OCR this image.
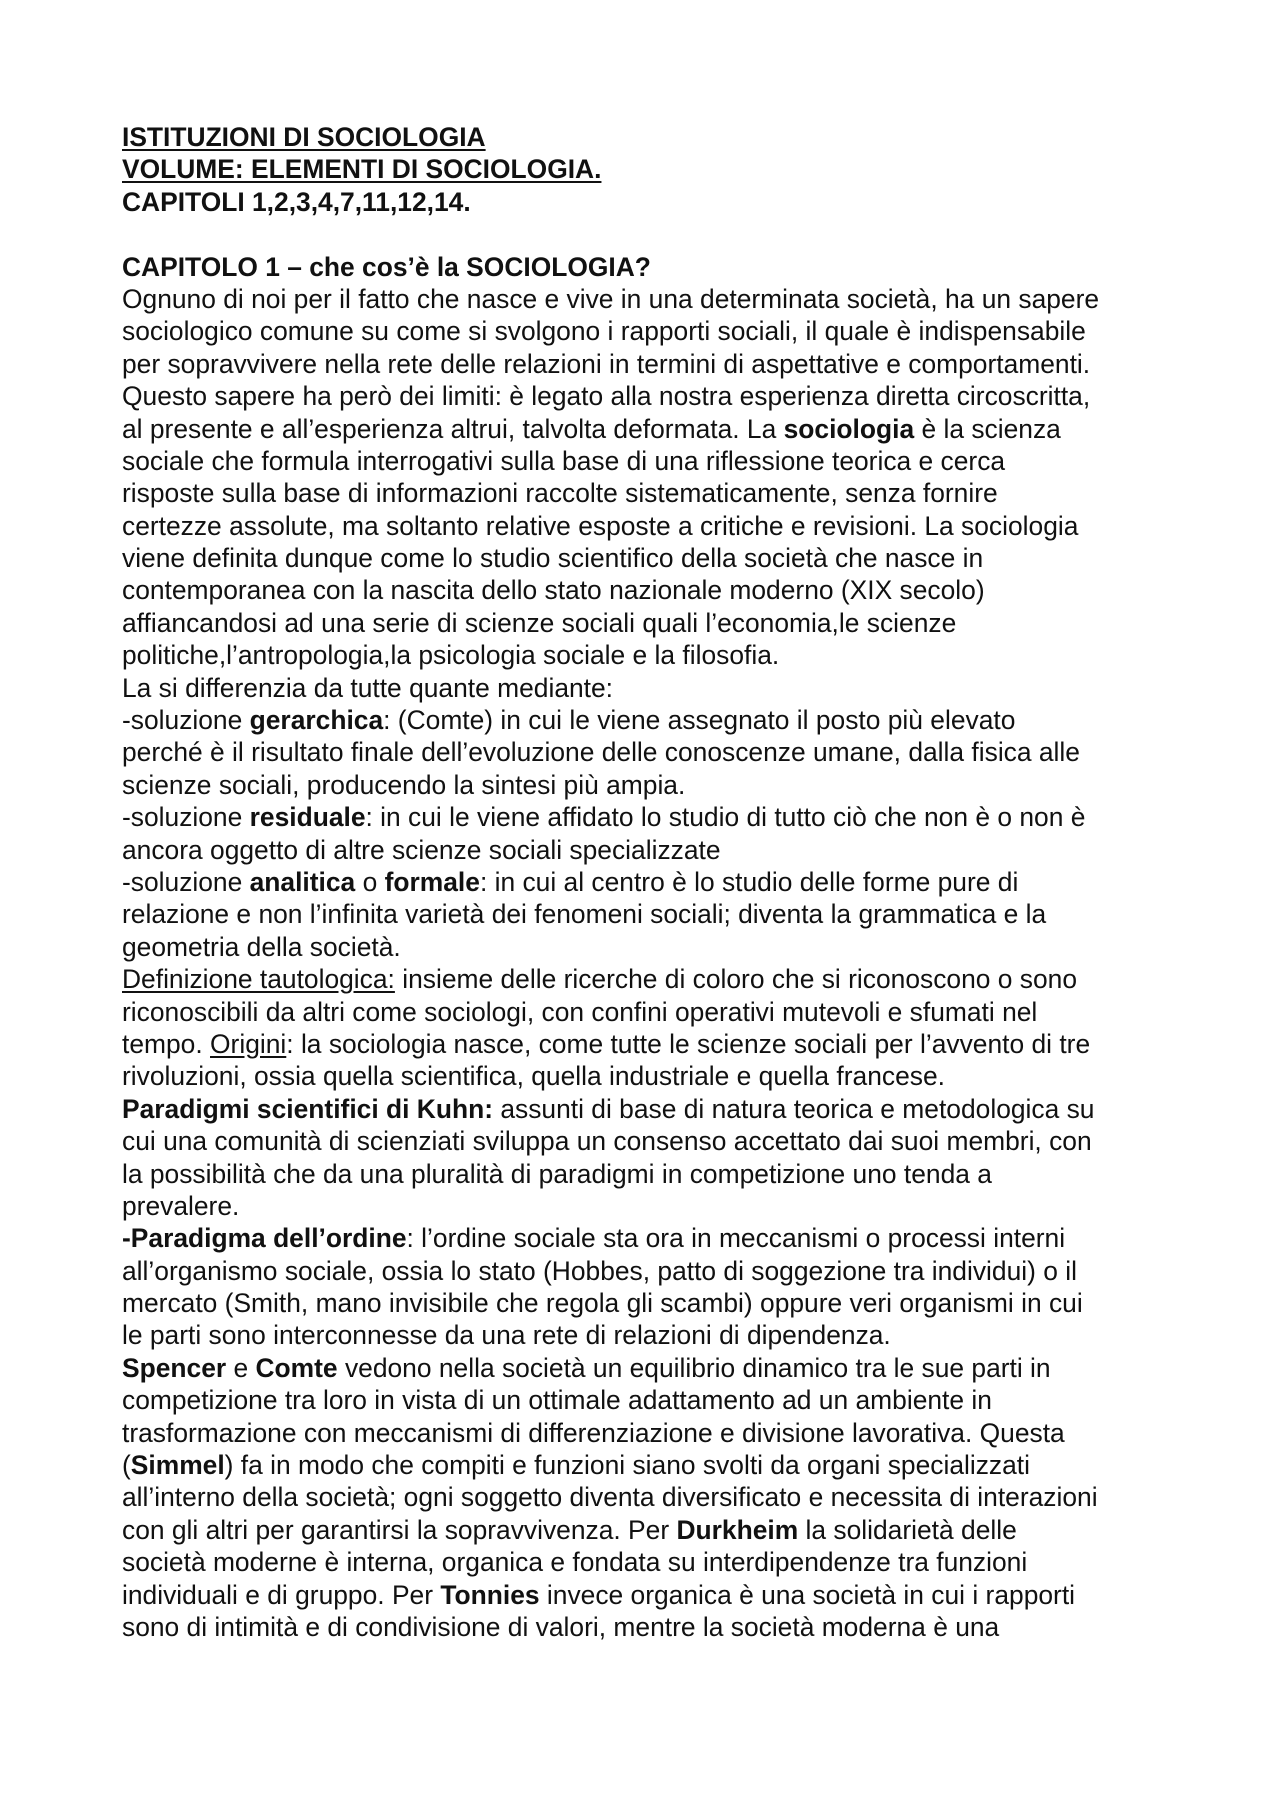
ISTITUZIONI DI SOCIOLOGIA
VOLUME: ELEMENTI DI SOCIOLOGIA.
CAPITOLI 1,2,3,4,7,11,12,14.
CAPITOLO 1 – che cos’è la SOCIOLOGIA?
Ognuno di noi per il fatto che nasce e vive in una determinata società, ha un sapere
sociologico comune su come si svolgono i rapporti sociali, il quale è indispensabile
per sopravvivere nella rete delle relazioni in termini di aspettative e comportamenti.
Questo sapere ha però dei limiti: è legato alla nostra esperienza diretta circoscritta,
al presente e all’esperienza altrui, talvolta deformata. La sociologia è la scienza
sociale che formula interrogativi sulla base di una riflessione teorica e cerca
risposte sulla base di informazioni raccolte sistematicamente, senza fornire
certezze assolute, ma soltanto relative esposte a critiche e revisioni. La sociologia
viene definita dunque come lo studio scientifico della società che nasce in
contemporanea con la nascita dello stato nazionale moderno (XIX secolo)
affiancandosi ad una serie di scienze sociali quali l’economia,le scienze
politiche,l’antropologia,la psicologia sociale e la filosofia.
La si differenzia da tutte quante mediante:
-soluzione gerarchica: (Comte) in cui le viene assegnato il posto più elevato
perché è il risultato finale dell’evoluzione delle conoscenze umane, dalla fisica alle
scienze sociali, producendo la sintesi più ampia.
-soluzione residuale: in cui le viene affidato lo studio di tutto ciò che non è o non è
ancora oggetto di altre scienze sociali specializzate
-soluzione analitica o formale: in cui al centro è lo studio delle forme pure di
relazione e non l’infinita varietà dei fenomeni sociali; diventa la grammatica e la
geometria della società.
Definizione tautologica: insieme delle ricerche di coloro che si riconoscono o sono
riconoscibili da altri come sociologi, con confini operativi mutevoli e sfumati nel
tempo. Origini: la sociologia nasce, come tutte le scienze sociali per l’avvento di tre
rivoluzioni, ossia quella scientifica, quella industriale e quella francese.
Paradigmi scientifici di Kuhn: assunti di base di natura teorica e metodologica su
cui una comunità di scienziati sviluppa un consenso accettato dai suoi membri, con
la possibilità che da una pluralità di paradigmi in competizione uno tenda a
prevalere.
-Paradigma dell’ordine: l’ordine sociale sta ora in meccanismi o processi interni
all’organismo sociale, ossia lo stato (Hobbes, patto di soggezione tra individui) o il
mercato (Smith, mano invisibile che regola gli scambi) oppure veri organismi in cui
le parti sono interconnesse da una rete di relazioni di dipendenza.
Spencer e Comte vedono nella società un equilibrio dinamico tra le sue parti in
competizione tra loro in vista di un ottimale adattamento ad un ambiente in
trasformazione con meccanismi di differenziazione e divisione lavorativa. Questa
(Simmel) fa in modo che compiti e funzioni siano svolti da organi specializzati
all’interno della società; ogni soggetto diventa diversificato e necessita di interazioni
con gli altri per garantirsi la sopravvivenza. Per Durkheim la solidarietà delle
società moderne è interna, organica e fondata su interdipendenze tra funzioni
individuali e di gruppo. Per Tonnies invece organica è una società in cui i rapporti
sono di intimità e di condivisione di valori, mentre la società moderna è una
